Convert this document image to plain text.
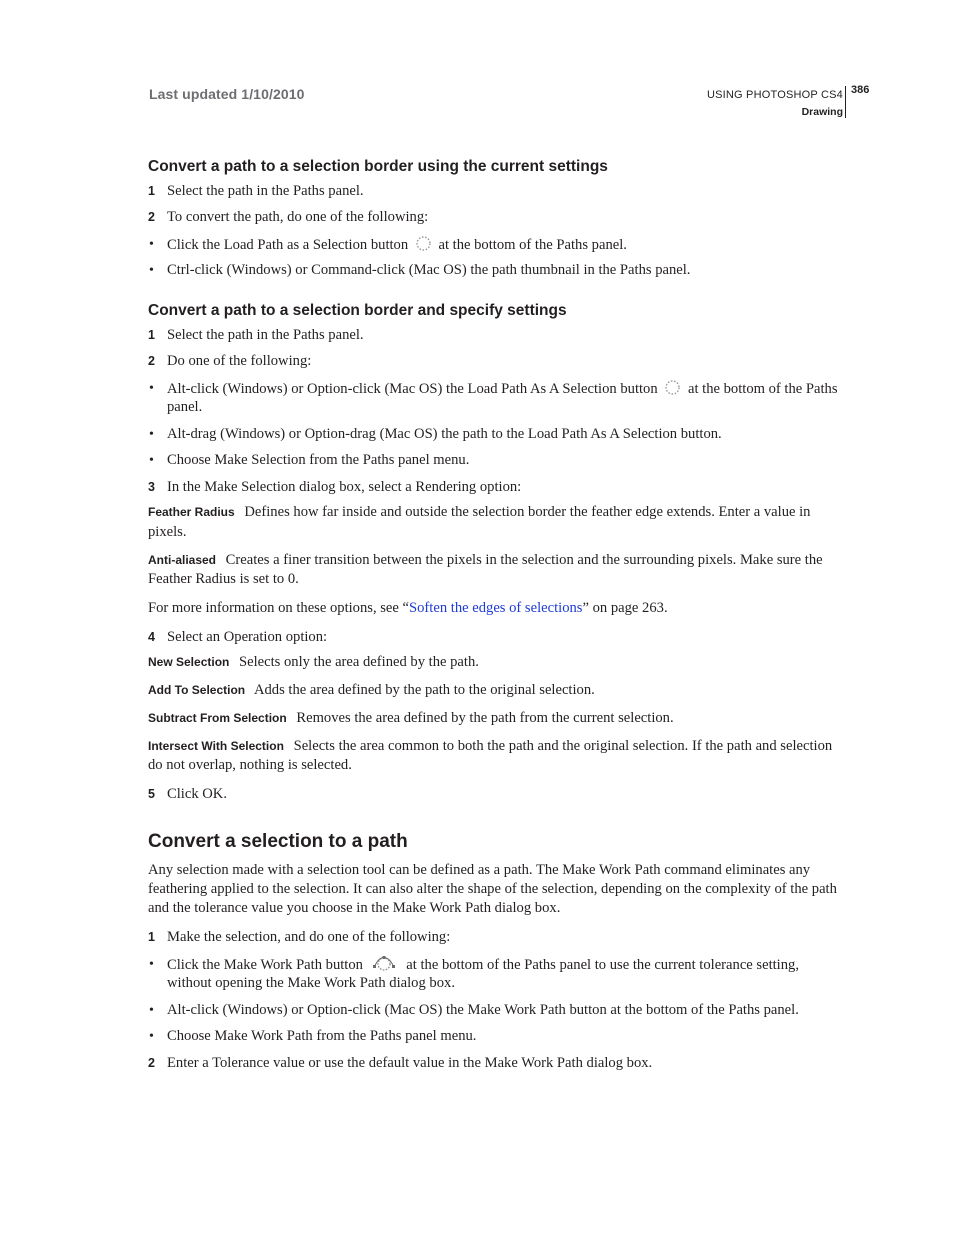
Last updated 1/10/2010	USING PHOTOSHOP CS4
Drawing
386
Convert a path to a selection border using the current settings
1 Select the path in the Paths panel.
2 To convert the path, do one of the following:
• Click the Load Path as a Selection button at the bottom of the Paths panel.
• Ctrl-click (Windows) or Command-click (Mac OS) the path thumbnail in the Paths panel.
Convert a path to a selection border and specify settings
1 Select the path in the Paths panel.
2 Do one of the following:
• Alt-click (Windows) or Option-click (Mac OS) the Load Path As A Selection button at the bottom of the Paths
panel.
• Alt-drag (Windows) or Option-drag (Mac OS) the path to the Load Path As A Selection button.
• Choose Make Selection from the Paths panel menu.
3 In the Make Selection dialog box, select a Rendering option:
Feather Radius Defines how far inside and outside the selection border the feather edge extends. Enter a value in
pixels.
Anti-aliased Creates a finer transition between the pixels in the selection and the surrounding pixels. Make sure the
Feather Radius is set to 0.
For more information on these options, see “Soften the edges of selections” on page 263.
4 Select an Operation option:
New Selection Selects only the area defined by the path.
Add To Selection Adds the area defined by the path to the original selection.
Subtract From Selection Removes the area defined by the path from the current selection.
Intersect With Selection Selects the area common to both the path and the original selection. If the path and selection
do not overlap, nothing is selected.
5 Click OK.
Convert a selection to a path
Any selection made with a selection tool can be defined as a path. The Make Work Path command eliminates any
feathering applied to the selection. It can also alter the shape of the selection, depending on the complexity of the path
and the tolerance value you choose in the Make Work Path dialog box.
1 Make the selection, and do one of the following:
• Click the Make Work Path button	at the bottom of the Paths panel to use the current tolerance setting,
without opening the Make Work Path dialog box.
• Alt-click (Windows) or Option-click (Mac OS) the Make Work Path button at the bottom of the Paths panel.
• Choose Make Work Path from the Paths panel menu.
2 Enter a Tolerance value or use the default value in the Make Work Path dialog box.
